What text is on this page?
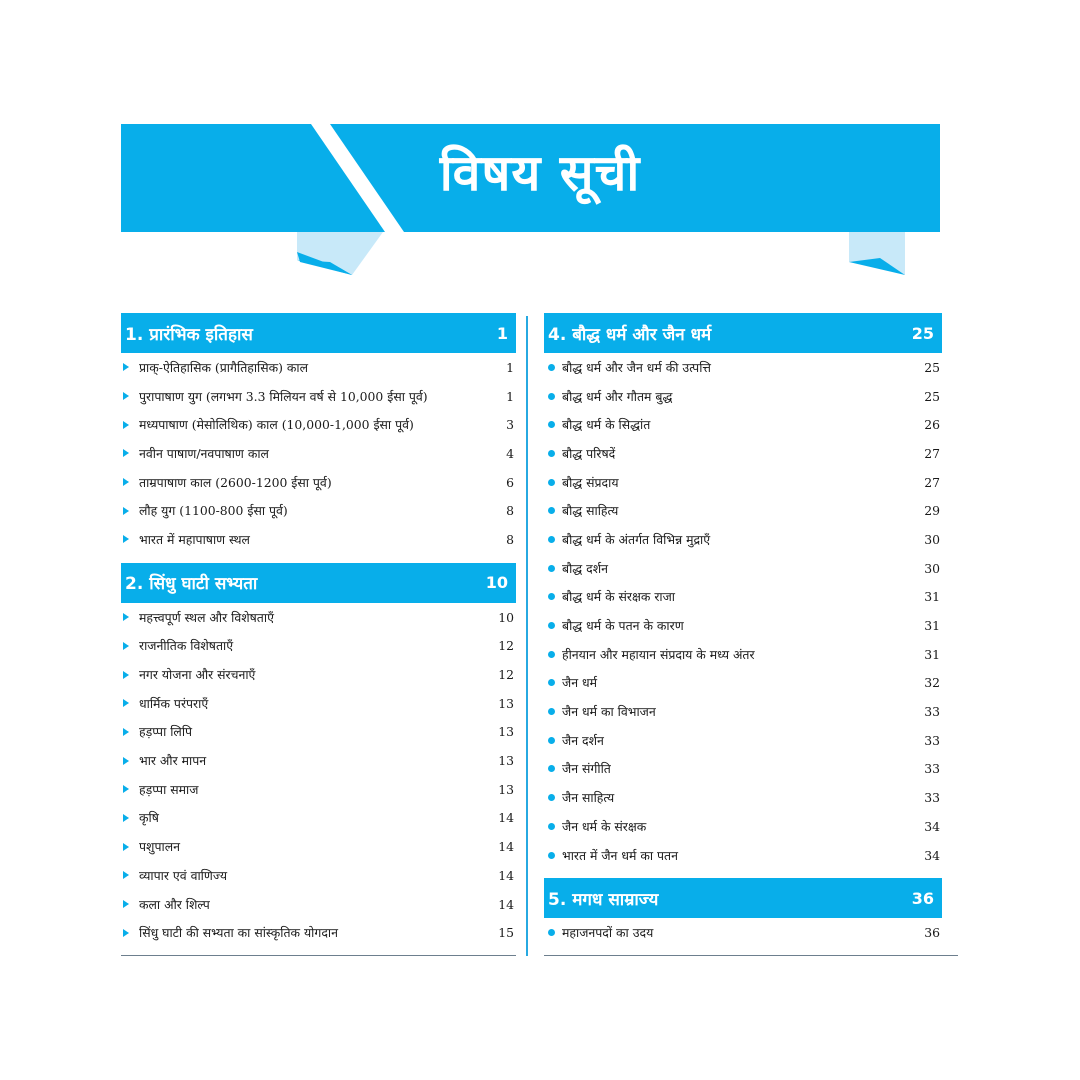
विषय सूची
1. प्रारंभिक इतिहास	1
प्राक्-ऐतिहासिक (प्रागैतिहासिक) काल	1
पुरापाषाण युग (लगभग 3.3 मिलियन वर्ष से 10,000 ईसा पूर्व)	1
मध्यपाषाण (मेसोलिथिक) काल (10,000-1,000 ईसा पूर्व)	3
नवीन पाषाण/नवपाषाण काल	4
ताम्रपाषाण काल (2600-1200 ईसा पूर्व)	6
लौह युग (1100-800 ईसा पूर्व)	8
भारत में महापाषाण स्थल	8
2. सिंधु घाटी सभ्यता	10
महत्त्वपूर्ण स्थल और विशेषताएँ	10
राजनीतिक विशेषताएँ	12
नगर योजना और संरचनाएँ	12
धार्मिक परंपराएँ	13
हड़प्पा लिपि	13
भार और मापन	13
हड़प्पा समाज	13
कृषि	14
पशुपालन	14
व्यापार एवं वाणिज्य	14
कला और शिल्प	14
सिंधु घाटी की सभ्यता का सांस्कृतिक योगदान	15
4. बौद्ध धर्म और जैन धर्म	25
बौद्ध धर्म और जैन धर्म की उत्पत्ति	25
बौद्ध धर्म और गौतम बुद्ध	25
बौद्ध धर्म के सिद्धांत	26
बौद्ध परिषदें	27
बौद्ध संप्रदाय	27
बौद्ध साहित्य	29
बौद्ध धर्म के अंतर्गत विभिन्न मुद्राएँ	30
बौद्ध दर्शन	30
बौद्ध धर्म के संरक्षक राजा	31
बौद्ध धर्म के पतन के कारण	31
हीनयान और महायान संप्रदाय के मध्य अंतर	31
जैन धर्म	32
जैन धर्म का विभाजन	33
जैन दर्शन	33
जैन संगीति	33
जैन साहित्य	33
जैन धर्म के संरक्षक	34
भारत में जैन धर्म का पतन	34
5. मगध साम्राज्य	36
महाजनपदों का उदय	36
